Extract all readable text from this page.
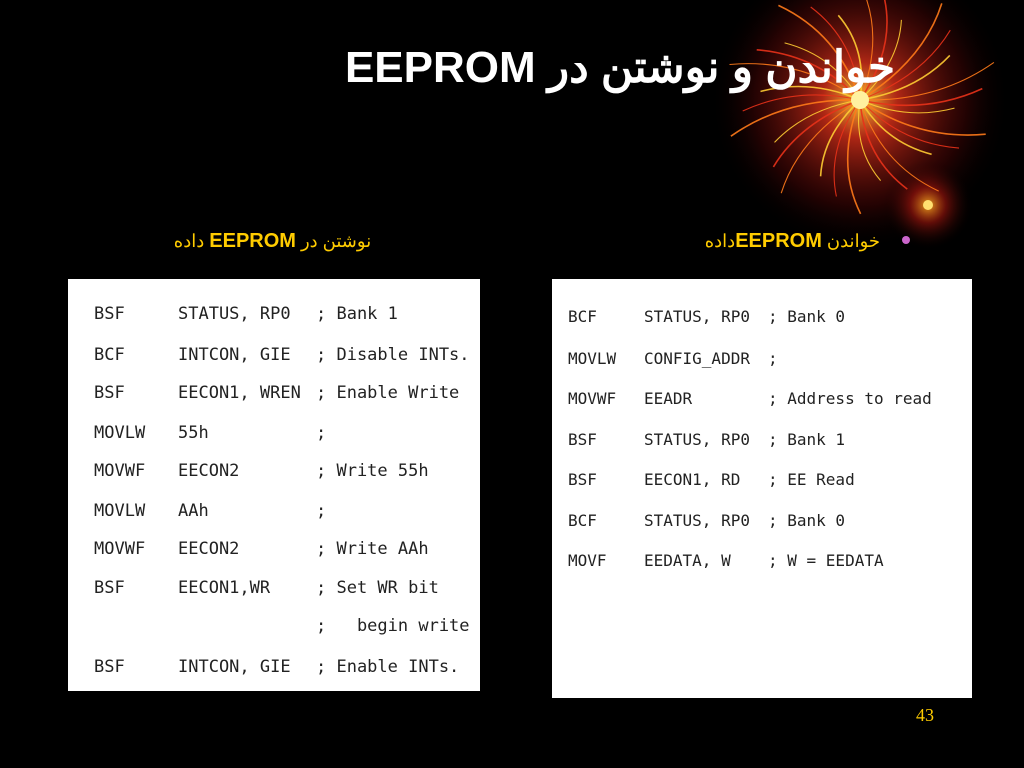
خواندن و نوشتن در EEPROM
نوشتن در EEPROM داده	خواندن EEPROMداده
BSF	STATUS, RP0 ; Bank 1
BCF	INTCON, GIE ; Disable INTs.
BSF	EECON1, WREN ; Enable Write
MOVLW 55h	;
MOVWF EECON2	; Write 55h
MOVLW AAh	;
MOVWF EECON2	; Write AAh
BSF	EECON1,WR	; Set WR bit
;   begin write
BSF	INTCON, GIE ; Enable INTs.
BCF	STATUS, RP0 ; Bank 0
MOVLW CONFIG_ADDR ;
MOVWF EEADR	; Address to read
BSF	STATUS, RP0 ; Bank 1
BSF	EECON1, RD ; EE Read
BCF	STATUS, RP0 ; Bank 0
MOVF EEDATA, W ; W = EEDATA
43
